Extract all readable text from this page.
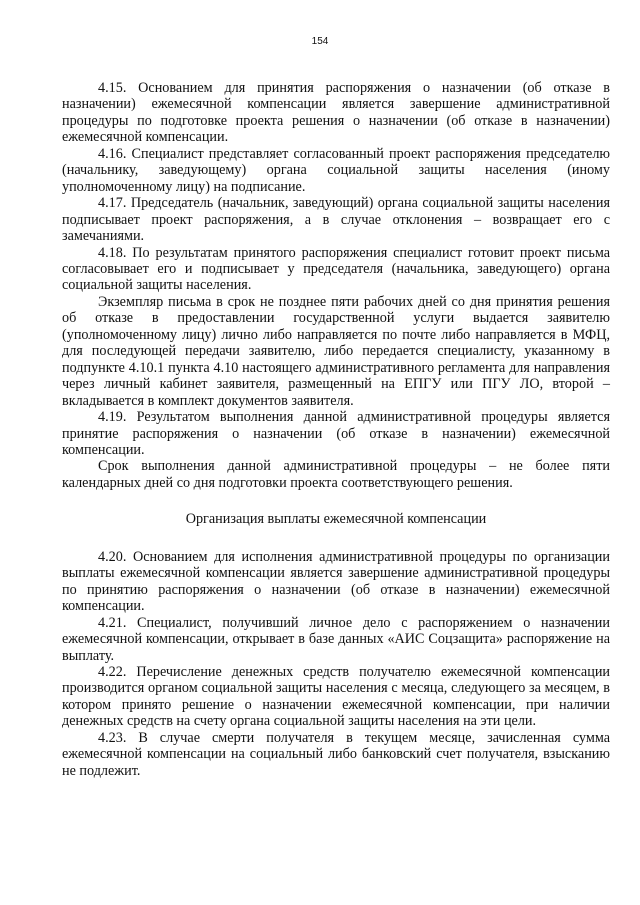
154

4.15. Основанием для принятия распоряжения о назначении (об отказе в назначении) ежемесячной компенсации является завершение административной процедуры по подготовке проекта решения о назначении (об отказе в назначении) ежемесячной компенсации.

4.16. Специалист представляет согласованный проект распоряжения председателю (начальнику, заведующему) органа социальной защиты населения (иному уполномоченному лицу) на подписание.

4.17. Председатель (начальник, заведующий) органа социальной защиты населения подписывает проект распоряжения, а в случае отклонения – возвращает его с замечаниями.

4.18. По результатам принятого распоряжения специалист готовит проект письма согласовывает его и подписывает у председателя (начальника, заведующего) органа социальной защиты населения.

Экземпляр письма в срок не позднее пяти рабочих дней со дня принятия решения об отказе в предоставлении государственной услуги выдается заявителю (уполномоченному лицу) лично либо направляется по почте либо направляется в МФЦ, для последующей передачи заявителю, либо передается специалисту, указанному в подпункте 4.10.1 пункта 4.10 настоящего административного регламента для направления через личный кабинет заявителя, размещенный на ЕПГУ или ПГУ ЛО, второй – вкладывается в комплект документов заявителя.

4.19. Результатом выполнения данной административной процедуры является принятие распоряжения о назначении (об отказе в назначении) ежемесячной компенсации.

Срок выполнения данной административной процедуры – не более пяти календарных дней со дня подготовки проекта соответствующего решения.

Организация выплаты ежемесячной компенсации

4.20. Основанием для исполнения административной процедуры по организации выплаты ежемесячной компенсации является завершение административной процедуры по принятию распоряжения о назначении (об отказе в назначении) ежемесячной компенсации.

4.21. Специалист, получивший личное дело с распоряжением о назначении ежемесячной компенсации, открывает в базе данных «АИС Соцзащита» распоряжение на выплату.

4.22. Перечисление денежных средств получателю ежемесячной компенсации производится органом социальной защиты населения с месяца, следующего за месяцем, в котором принято решение о назначении ежемесячной компенсации, при наличии денежных средств на счету органа социальной защиты населения на эти цели.

4.23. В случае смерти получателя в текущем месяце, зачисленная сумма ежемесячной компенсации на социальный либо банковский счет получателя, взысканию не подлежит.
